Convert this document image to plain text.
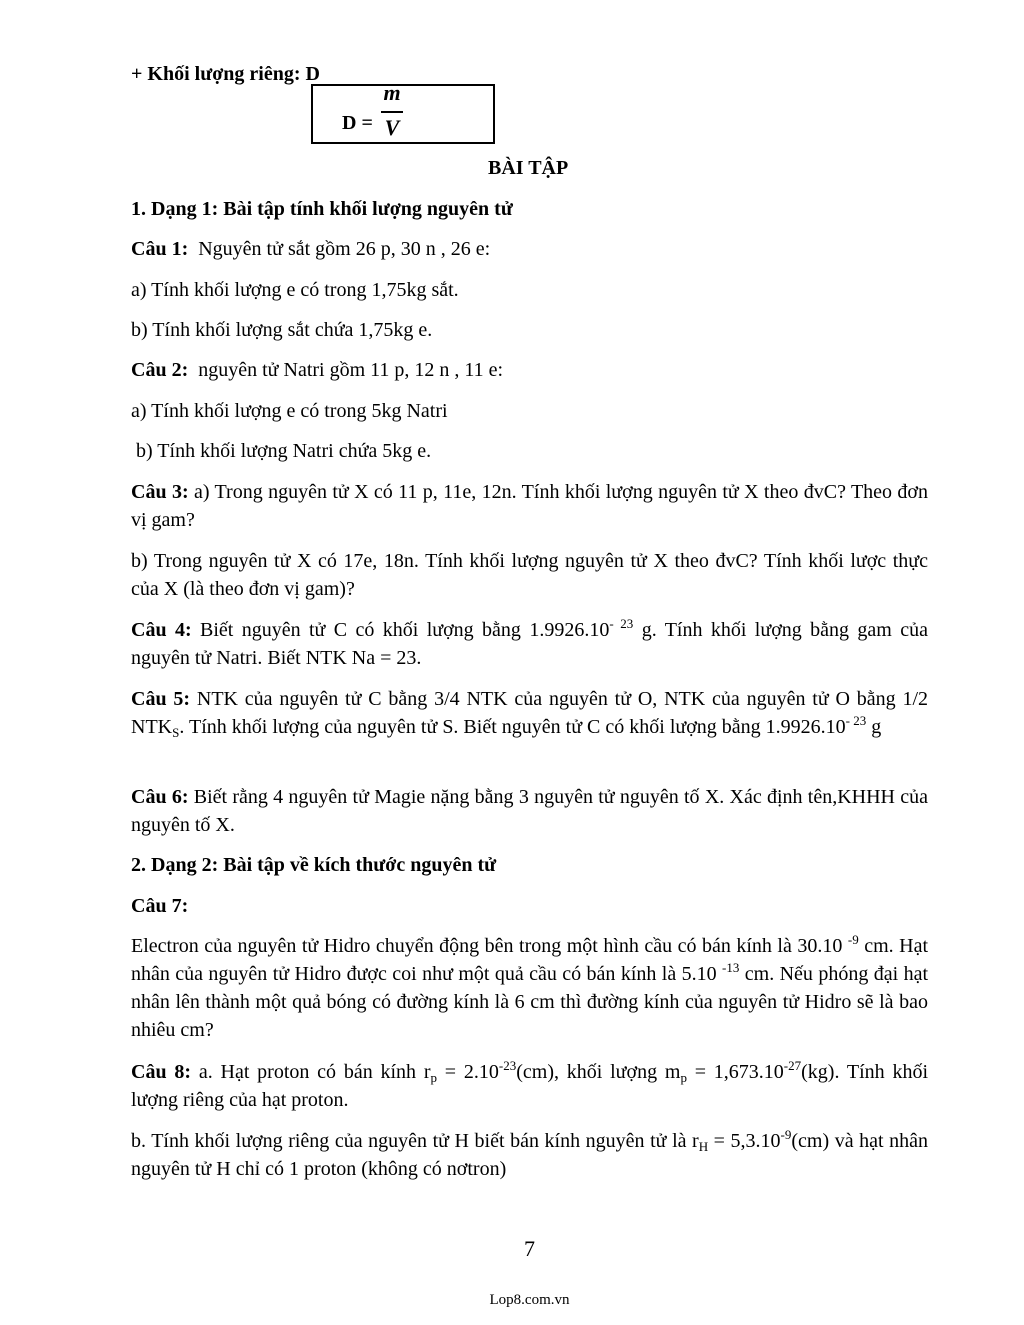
+ Khối lượng riêng: D
D =
m
V
BÀI TẬP
1. Dạng 1: Bài tập tính khối lượng nguyên tử
Câu 1: Nguyên tử sắt gồm 26 p, 30 n , 26 e:
a) Tính khối lượng e có trong 1,75kg sắt.
b) Tính khối lượng sắt chứa 1,75kg e.
Câu 2: nguyên tử Natri gồm 11 p, 12 n , 11 e:
a) Tính khối lượng e có trong 5kg Natri
b) Tính khối lượng Natri chứa 5kg e.
Câu 3: a) Trong nguyên tử X có 11 p, 11e, 12n. Tính khối lượng nguyên tử X theo đvC? Theo đơn vị gam?
b) Trong nguyên tử X có 17e, 18n. Tính khối lượng nguyên tử X theo đvC? Tính khối lược thực của X (là theo đơn vị gam)?
Câu 4: Biết nguyên tử C có khối lượng bằng $1.9926.10^{- 23}$ g. Tính khối lượng bằng gam của nguyên tử Natri. Biết NTK Na = 23.
Câu 5: NTK của nguyên tử C bằng 3/4 NTK của nguyên tử O, NTK của nguyên tử O bằng 1/2 $NTK_S$. Tính khối lượng của nguyên tử S. Biết nguyên tử C có khối lượng bằng $1.9926.10^{- 23}$ g
Câu 6: Biết rằng 4 nguyên tử Magie nặng bằng 3 nguyên tử nguyên tố X. Xác định tên,KHHH của nguyên tố X.
2. Dạng 2: Bài tập về kích thước nguyên tử
Câu 7:
Electron của nguyên tử Hidro chuyển động bên trong một hình cầu có bán kính là 30.10 $^{-9}$ cm. Hạt nhân của nguyên tử Hidro được coi như một quả cầu có bán kính là 5.10 $^{-13}$ cm. Nếu phóng đại hạt nhân lên thành một quả bóng có đường kính là 6 cm thì đường kính của nguyên tử Hidro sẽ là bao nhiêu cm?
Câu 8: a. Hạt proton có bán kính $r_p = 2.10^{-23}(cm)$, khối lượng $m_p = 1,673.10^{-27}(kg)$. Tính khối lượng riêng của hạt proton.
b. Tính khối lượng riêng của nguyên tử H biết bán kính nguyên tử là $r_H = 5,3.10^{-9}(cm)$ và hạt nhân nguyên tử H chỉ có 1 proton (không có nơtron)
7
Lop8.com.vn
